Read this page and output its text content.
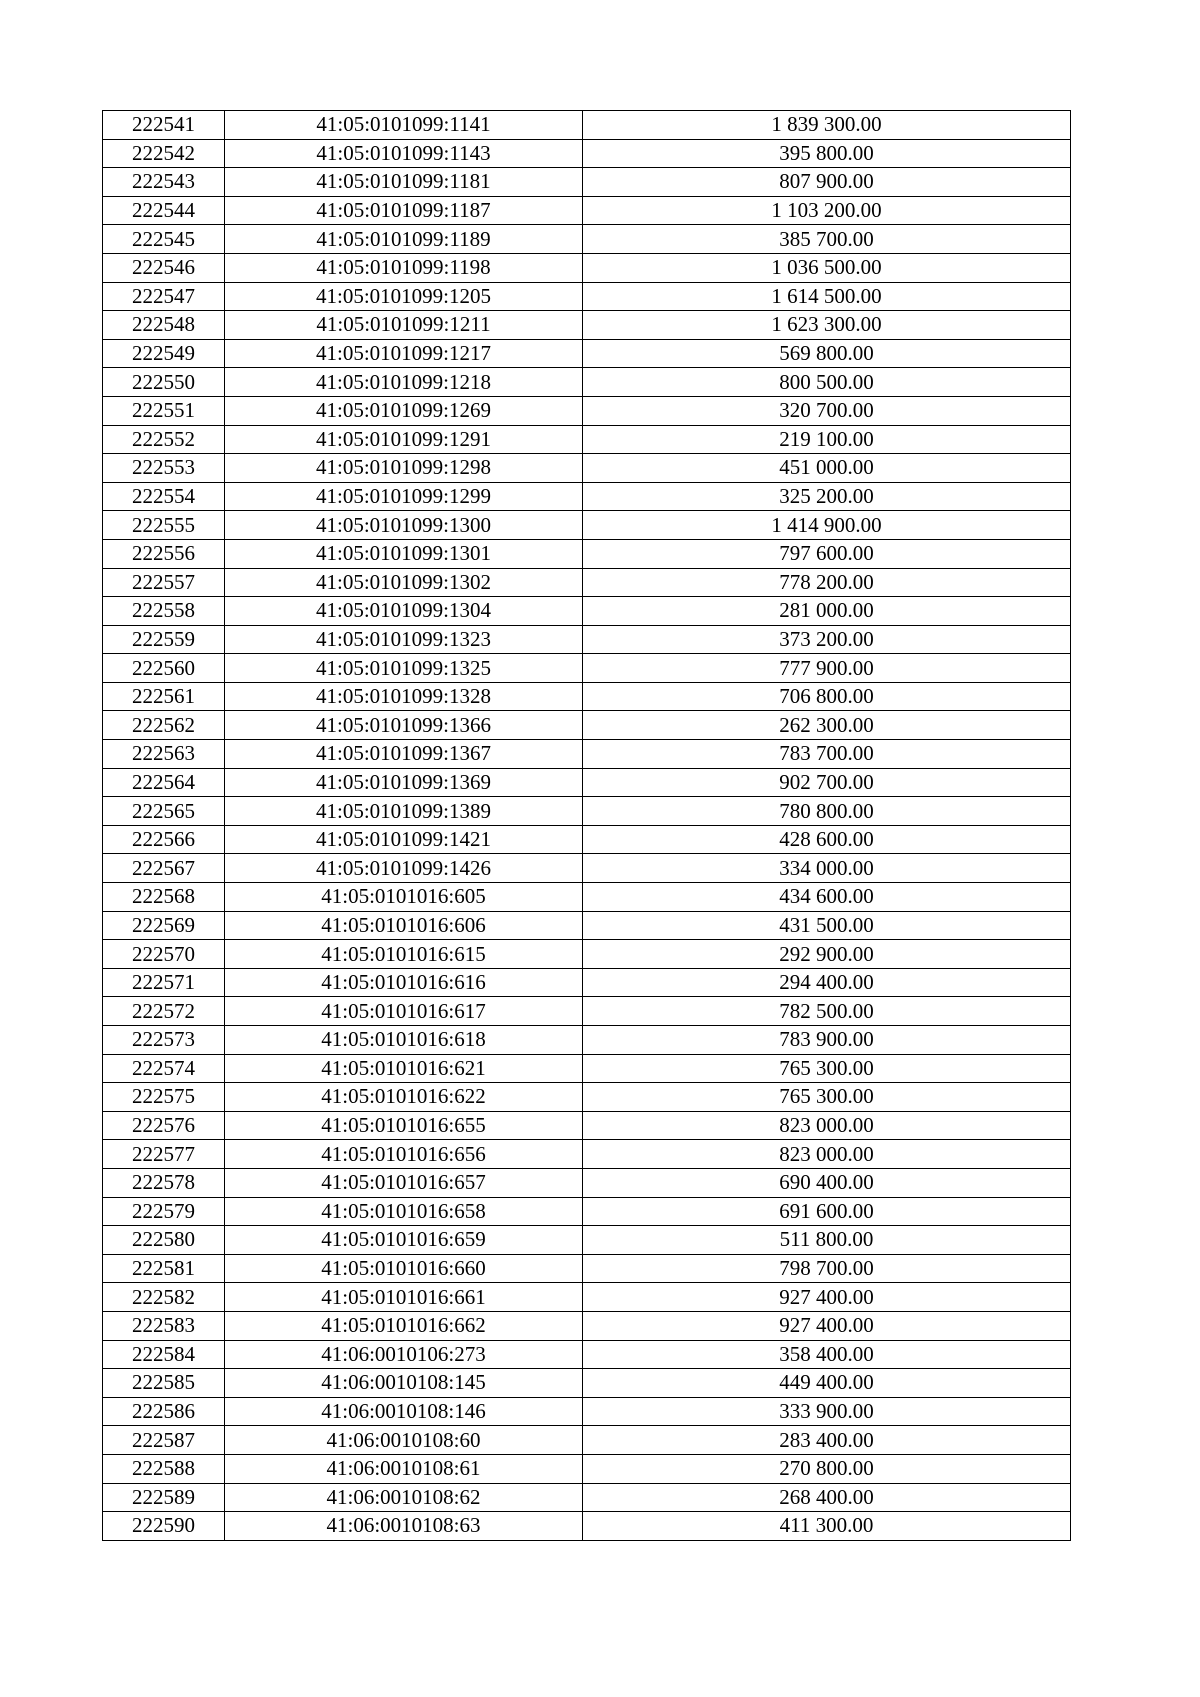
222541	41:05:0101099:1141	1 839 300.00
222542	41:05:0101099:1143	395 800.00
222543	41:05:0101099:1181	807 900.00
222544	41:05:0101099:1187	1 103 200.00
222545	41:05:0101099:1189	385 700.00
222546	41:05:0101099:1198	1 036 500.00
222547	41:05:0101099:1205	1 614 500.00
222548	41:05:0101099:1211	1 623 300.00
222549	41:05:0101099:1217	569 800.00
222550	41:05:0101099:1218	800 500.00
222551	41:05:0101099:1269	320 700.00
222552	41:05:0101099:1291	219 100.00
222553	41:05:0101099:1298	451 000.00
222554	41:05:0101099:1299	325 200.00
222555	41:05:0101099:1300	1 414 900.00
222556	41:05:0101099:1301	797 600.00
222557	41:05:0101099:1302	778 200.00
222558	41:05:0101099:1304	281 000.00
222559	41:05:0101099:1323	373 200.00
222560	41:05:0101099:1325	777 900.00
222561	41:05:0101099:1328	706 800.00
222562	41:05:0101099:1366	262 300.00
222563	41:05:0101099:1367	783 700.00
222564	41:05:0101099:1369	902 700.00
222565	41:05:0101099:1389	780 800.00
222566	41:05:0101099:1421	428 600.00
222567	41:05:0101099:1426	334 000.00
222568	41:05:0101016:605	434 600.00
222569	41:05:0101016:606	431 500.00
222570	41:05:0101016:615	292 900.00
222571	41:05:0101016:616	294 400.00
222572	41:05:0101016:617	782 500.00
222573	41:05:0101016:618	783 900.00
222574	41:05:0101016:621	765 300.00
222575	41:05:0101016:622	765 300.00
222576	41:05:0101016:655	823 000.00
222577	41:05:0101016:656	823 000.00
222578	41:05:0101016:657	690 400.00
222579	41:05:0101016:658	691 600.00
222580	41:05:0101016:659	511 800.00
222581	41:05:0101016:660	798 700.00
222582	41:05:0101016:661	927 400.00
222583	41:05:0101016:662	927 400.00
222584	41:06:0010106:273	358 400.00
222585	41:06:0010108:145	449 400.00
222586	41:06:0010108:146	333 900.00
222587	41:06:0010108:60	283 400.00
222588	41:06:0010108:61	270 800.00
222589	41:06:0010108:62	268 400.00
222590	41:06:0010108:63	411 300.00
